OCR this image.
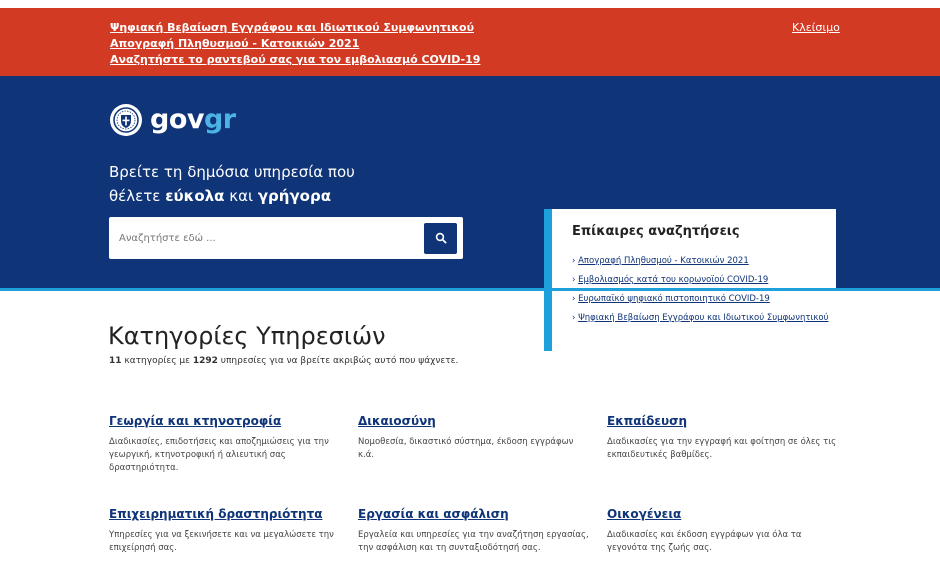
Ψηφιακή Βεβαίωση Εγγράφου και Ιδιωτικού Συμφωνητικού
Απογραφή Πληθυσμού - Κατοικιών 2021
Αναζητήστε το ραντεβού σας για τον εμβολιασμό COVID-19
Κλείσιμο
govgr
Βρείτε τη δημόσια υπηρεσία που
θέλετε εύκολα και γρήγορα
Αναζητήστε εδώ ...
Επίκαιρες αναζητήσεις
› Απογραφή Πληθυσμού - Κατοικιών 2021
› Εμβολιασμός κατά του κορωνοϊού COVID-19
› Ευρωπαϊκό ψηφιακό πιστοποιητικό COVID-19
› Ψηφιακή Βεβαίωση Εγγράφου και Ιδιωτικού Συμφωνητικού
Κατηγορίες Υπηρεσιών
11 κατηγορίες με 1292 υπηρεσίες για να βρείτε ακριβώς αυτό που ψάχνετε.
Γεωργία και κτηνοτροφία

Διαδικασίες, επιδοτήσεις και αποζημιώσεις για την γεωργική, κτηνοτροφική ή αλιευτική σας δραστηριότητα.

Δικαιοσύνη

Νομοθεσία, δικαστικό σύστημα, έκδοση εγγράφων κ.ά.

Εκπαίδευση

Διαδικασίες για την εγγραφή και φοίτηση σε όλες τις εκπαιδευτικές βαθμίδες.

Επιχειρηματική δραστηριότητα

Υπηρεσίες για να ξεκινήσετε και να μεγαλώσετε την επιχείρησή σας.

Εργασία και ασφάλιση

Εργαλεία και υπηρεσίες για την αναζήτηση εργασίας, την ασφάλιση και τη συνταξιοδότησή σας.

Οικογένεια

Διαδικασίες και έκδοση εγγράφων για όλα τα γεγονότα της ζωής σας.
